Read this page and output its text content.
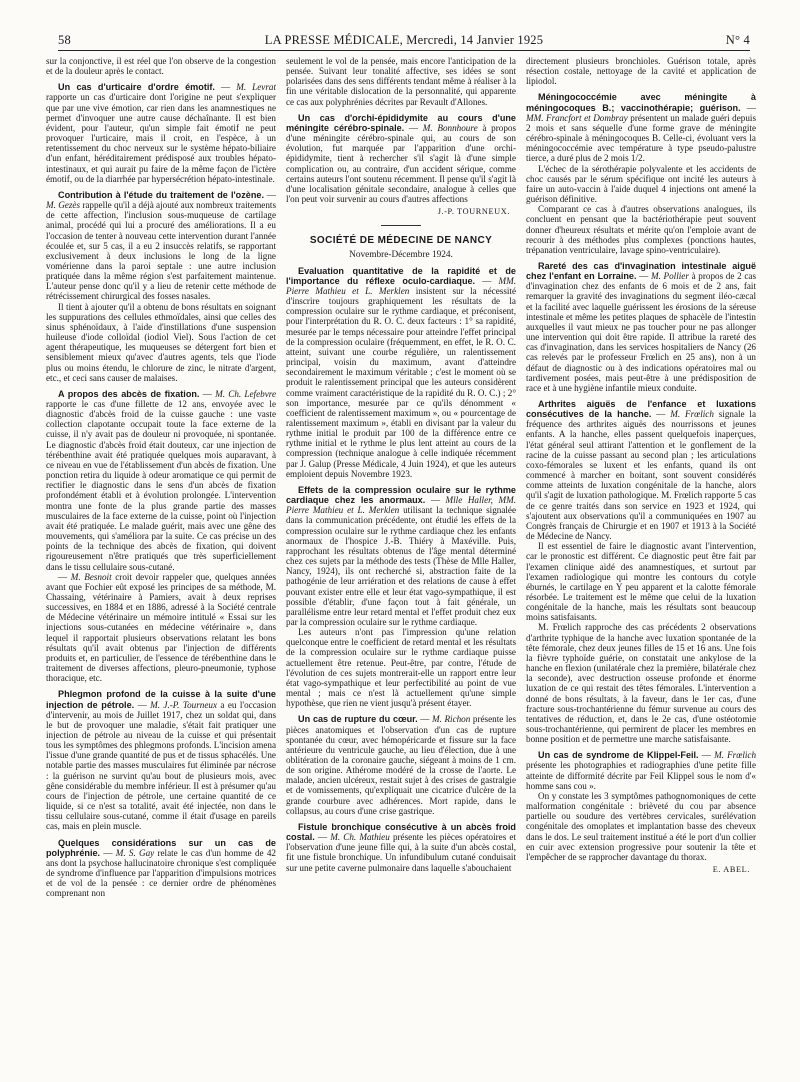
58	LA PRESSE MÉDICALE, Mercredi, 14 Janvier 1925	N° 4

sur la conjonctive, il est réel que l'on observe de la congestion et de la douleur après le contact.

Un cas d'urticaire d'ordre émotif. — M. Levrat rapporte un cas d'urticaire dont l'origine ne peut s'expliquer que par une vive émotion, car rien dans les anamnestiques ne permet d'invoquer une autre cause déchaînante. Il est bien évident, pour l'auteur, qu'un simple fait émotif ne peut provoquer l'urticaire, mais il croit, en l'espèce, à un retentissement du choc nerveux sur le système hépato-biliaire d'un enfant, héréditairement prédisposé aux troubles hépato-intestinaux, et qui aurait pu faire de la même façon de l'ictère émotif, ou de la diarrhée par hypersécrétion hépato-intestinale.

Contribution à l'étude du traitement de l'ozène. — M. Gezès rappelle qu'il a déjà ajouté aux nombreux traitements de cette affection, l'inclusion sous-muqueuse de cartilage animal, procédé qui lui a procuré des améliorations. Il a eu l'occasion de tenter à nouveau cette intervention durant l'année écoulée et, sur 5 cas, il a eu 2 insuccès relatifs, se rapportant exclusivement à deux inclusions le long de la ligne vomérienne dans la paroi septale : une autre inclusion pratiquée dans la même région s'est parfaitement maintenue. L'auteur pense donc qu'il y a lieu de retenir cette méthode de rétrécissement chirurgical des fosses nasales.

Il tient à ajouter qu'il a obtenu de bons résultats en soignant les suppurations des cellules ethmoïdales, ainsi que celles des sinus sphénoïdaux, à l'aide d'instillations d'une suspension huileuse d'iode colloïdal (iodiol Viel). Sous l'action de cet agent thérapeutique, les muqueuses se détergent fort bien et sensiblement mieux qu'avec d'autres agents, tels que l'iode plus ou moins étendu, le chlorure de zinc, le nitrate d'argent, etc., et ceci sans causer de malaises.

A propos des abcès de fixation. — M. Ch. Lefebvre rapporte le cas d'une fillette de 12 ans, envoyée avec le diagnostic d'abcès froid de la cuisse gauche : une vaste collection clapotante occupait toute la face externe de la cuisse, il n'y avait pas de douleur ni provoquée, ni spontanée. Le diagnostic d'abcès froid était douteux, car une injection de térébenthine avait été pratiquée quelques mois auparavant, à ce niveau en vue de l'établissement d'un abcès de fixation. Une ponction retira du liquide à odeur aromatique ce qui permit de rectifier le diagnostic dans le sens d'un abcès de fixation profondément établi et à évolution prolongée. L'intervention montra une fonte de la plus grande partie des masses musculaires de la face externe de la cuisse, point où l'injection avait été pratiquée. Le malade guérit, mais avec une gêne des mouvements, qui s'améliora par la suite. Ce cas précise un des points de la technique des abcès de fixation, qui doivent rigoureusement n'être pratiqués que très superficiellement dans le tissu cellulaire sous-cutané.

— M. Besnoit croit devoir rappeler que, quelques années avant que Fochier eût exposé les principes de sa méthode, M. Chassaing, vétérinaire à Pamiers, avait à deux reprises successives, en 1884 et en 1886, adressé à la Société centrale de Médecine vétérinaire un mémoire intitulé « Essai sur les injections sous-cutanées en médecine vétérinaire », dans lequel il rapportait plusieurs observations relatant les bons résultats qu'il avait obtenus par l'injection de différents produits et, en particulier, de l'essence de térébenthine dans le traitement de diverses affections, pleuro-pneumonie, typhose thoracique, etc.

Phlegmon profond de la cuisse à la suite d'une injection de pétrole. — M. J.-P. Tourneux a eu l'occasion d'intervenir, au mois de Juillet 1917, chez un soldat qui, dans le but de provoquer une maladie, s'était fait pratiquer une injection de pétrole au niveau de la cuisse et qui présentait tous les symptômes des phlegmons profonds. L'incision amena l'issue d'une grande quantité de pus et de tissus sphacélés. Une notable partie des masses musculaires fut éliminée par nécrose : la guérison ne survint qu'au bout de plusieurs mois, avec gêne considérable du membre inférieur. Il est à présumer qu'au cours de l'injection de pétrole, une certaine quantité de ce liquide, si ce n'est sa totalité, avait été injectée, non dans le tissu cellulaire sous-cutané, comme il était d'usage en pareils cas, mais en plein muscle.

Quelques considérations sur un cas de polyphrénie. — M. S. Gay relate le cas d'un homme de 42 ans dont la psychose hallucinatoire chronique s'est compliquée de syndrome d'influence par l'apparition d'impulsions motrices et de vol de la pensée : ce dernier ordre de phénomènes comprenant non

seulement le vol de la pensée, mais encore l'anticipation de la pensée. Suivant leur tonalité affective, ses idées se sont polarisées dans des sens différents tendant même à réaliser à la fin une véritable dislocation de la personnalité, qui apparente ce cas aux polyphrénies décrites par Revault d'Allones.

Un cas d'orchi-épididymite au cours d'une méningite cérébro-spinale. — M. Bonnhoure à propos d'une méningite cérébro-spinale qui, au cours de son évolution, fut marquée par l'apparition d'une orchi-épididymite, tient à rechercher s'il s'agit là d'une simple complication ou, au contraire, d'un accident sérique, comme certains auteurs l'ont soutenu récemment. Il pense qu'il s'agit là d'une localisation génitale secondaire, analogue à celles que l'on peut voir survenir au cours d'autres affections

J.-P. TOURNEUX.

SOCIÉTÉ DE MÉDECINE DE NANCY

Novembre-Décembre 1924.

Evaluation quantitative de la rapidité et de l'importance du réflexe oculo-cardiaque. — MM. Pierre Mathieu et L. Merklen insistent sur la nécessité d'inscrire toujours graphiquement les résultats de la compression oculaire sur le rythme cardiaque, et préconisent, pour l'interprétation du R. O. C. deux facteurs : 1° sa rapidité, mesurée par le temps nécessaire pour atteindre l'effet principal de la compression oculaire (fréquemment, en effet, le R. O. C. atteint, suivant une courbe régulière, un ralentissement principal, voisin du maximum, avant d'atteindre secondairement le maximum véritable ; c'est le moment où se produit le ralentissement principal que les auteurs considèrent comme vraiment caractéristique de la rapidité du R. O. C.) ; 2° son importance, mesurée par ce qu'ils dénomment « coefficient de ralentissement maximum », ou « pourcentage de ralentissement maximum », établi en divisant par la valeur du rythme initial le produit par 100 de la différence entre ce rythme initial et le rythme le plus lent atteint au cours de la compression (technique analogue à celle indiquée récemment par J. Galup (Presse Médicale, 4 Juin 1924), et que les auteurs emploient depuis Novembre 1923.

Effets de la compression oculaire sur le rythme cardiaque chez les anormaux. — Mlle Haller, MM. Pierre Mathieu et L. Merklen utilisant la technique signalée dans la communication précédente, ont étudié les effets de la compression oculaire sur le rythme cardiaque chez les enfants anormaux de l'hospice J.-B. Thiéry à Maxéville. Puis, rapprochant les résultats obtenus de l'âge mental déterminé chez ces sujets par la méthode des tests (Thèse de Mlle Haller, Nancy, 1924), ils ont recherché si, abstraction faite de la pathogénie de leur arriération et des relations de cause à effet pouvant exister entre elle et leur état vago-sympathique, il est possible d'établir, d'une façon tout à fait générale, un parallélisme entre leur retard mental et l'effet produit chez eux par la compression oculaire sur le rythme cardiaque.

Les auteurs n'ont pas l'impression qu'une relation quelconque entre le coefficient de retard mental et les résultats de la compression oculaire sur le rythme cardiaque puisse actuellement être retenue. Peut-être, par contre, l'étude de l'évolution de ces sujets montrerait-elle un rapport entre leur état vago-sympathique et leur perfectibilité au point de vue mental ; mais ce n'est là actuellement qu'une simple hypothèse, que rien ne vient jusqu'à présent étayer.

Un cas de rupture du cœur. — M. Richon présente les pièces anatomiques et l'observation d'un cas de rupture spontanée du cœur, avec hémopéricarde et fissure sur la face antérieure du ventricule gauche, au lieu d'élection, due à une oblitération de la coronaire gauche, siégeant à moins de 1 cm. de son origine. Athérome modéré de la crosse de l'aorte. Le malade, ancien ulcéreux, restait sujet à des crises de gastralgie et de vomissements, qu'expliquait une cicatrice d'ulcère de la grande courbure avec adhérences. Mort rapide, dans le collapsus, au cours d'une crise gastrique.

Fistule bronchique consécutive à un abcès froid costal. — M. Ch. Mathieu présente les pièces opératoires et l'observation d'une jeune fille qui, à la suite d'un abcès costal, fit une fistule bronchique. Un infundibulum cutané conduisait sur une petite caverne pulmonaire dans laquelle s'abouchaient

directement plusieurs bronchioles. Guérison totale, après résection costale, nettoyage de la cavité et application de lipiodol.

Méningococcémie avec méningite à méningocoques B.; vaccinothérapie; guérison. — MM. Francfort et Dombray présentent un malade guéri depuis 2 mois et sans séquelle d'une forme grave de méningite cérébro-spinale à méningocoques B. Celle-ci, évoluant vers la méningococcémie avec température à type pseudo-palustre tierce, a duré plus de 2 mois 1/2.

L'échec de la sérothérapie polyvalente et les accidents de choc causés par le sérum spécifique ont incité les auteurs à faire un auto-vaccin à l'aide duquel 4 injections ont amené la guérison définitive.

Comparant ce cas à d'autres observations analogues, ils concluent en pensant que la bactériothérapie peut souvent donner d'heureux résultats et mérite qu'on l'emploie avant de recourir à des méthodes plus complexes (ponctions hautes, trépanation ventriculaire, lavage spino-ventriculaire).

Rareté des cas d'invagination intestinale aiguë chez l'enfant en Lorraine. — M. Pollier à propos de 2 cas d'invagination chez des enfants de 6 mois et de 2 ans, fait remarquer la gravité des invaginations du segment iléo-cæcal et la facilité avec laquelle guérissent les érosions de la séreuse intestinale et même les petites plaques de sphacèle de l'intestin auxquelles il vaut mieux ne pas toucher pour ne pas allonger une intervention qui doit être rapide. Il attribue la rareté des cas d'invagination, dans les services hospitaliers de Nancy (26 cas relevés par le professeur Frœlich en 25 ans), non à un défaut de diagnostic ou à des indications opératoires mal ou tardivement posées, mais peut-être à une prédisposition de race et à une hygiène infantile mieux conduite.

Arthrites aiguës de l'enfance et luxations consécutives de la hanche. — M. Frœlich signale la fréquence des arthrites aiguës des nourrissons et jeunes enfants. A la hanche, elles passent quelquefois inaperçues, l'état général seul attirant l'attention et le gonflement de la racine de la cuisse passant au second plan ; les articulations coxo-fémorales se luxent et les enfants, quand ils ont commencé à marcher en boitant, sont souvent considérés comme atteints de luxation congénitale de la hanche, alors qu'il s'agit de luxation pathologique. M. Frœlich rapporte 5 cas de ce genre traités dans son service en 1923 et 1924, qui s'ajoutent aux observations qu'il a communiquées en 1907 au Congrès français de Chirurgie et en 1907 et 1913 à la Société de Médecine de Nancy.

Il est essentiel de faire le diagnostic avant l'intervention, car le pronostic est différent. Ce diagnostic peut être fait par l'examen clinique aidé des anamnestiques, et surtout par l'examen radiologique qui montre les contours du cotyle éburnés, le cartilage en Y peu apparent et la calotte fémorale résorbée. Le traitement est le même que celui de la luxation congénitale de la hanche, mais les résultats sont beaucoup moins satisfaisants.

M. Frœlich rapproche des cas précédents 2 observations d'arthrite typhique de la hanche avec luxation spontanée de la tête fémorale, chez deux jeunes filles de 15 et 16 ans. Une fois la fièvre typhoïde guérie, on constatait une ankylose de la hanche en flexion (unilatérale chez la première, bilatérale chez la seconde), avec destruction osseuse profonde et énorme luxation de ce qui restait des têtes fémorales. L'intervention a donné de bons résultats, à la faveur, dans le 1er cas, d'une fracture sous-trochantérienne du fémur survenue au cours des tentatives de réduction, et, dans le 2e cas, d'une ostéotomie sous-trochantérienne, qui permirent de placer les membres en bonne position et de permettre une marche satisfaisante.

Un cas de syndrome de Klippel-Feil. — M. Frœlich présente les photographies et radiographies d'une petite fille atteinte de difformité décrite par Feil Klippel sous le nom d'« homme sans cou ».

On y constate les 3 symptômes pathognomoniques de cette malformation congénitale : brièveté du cou par absence partielle ou soudure des vertèbres cervicales, surélévation congénitale des omoplates et implantation basse des cheveux dans le dos. Le seul traitement institué a été le port d'un collier en cuir avec extension progressive pour soutenir la tête et l'empêcher de se rapprocher davantage du thorax.

E. ABEL.
